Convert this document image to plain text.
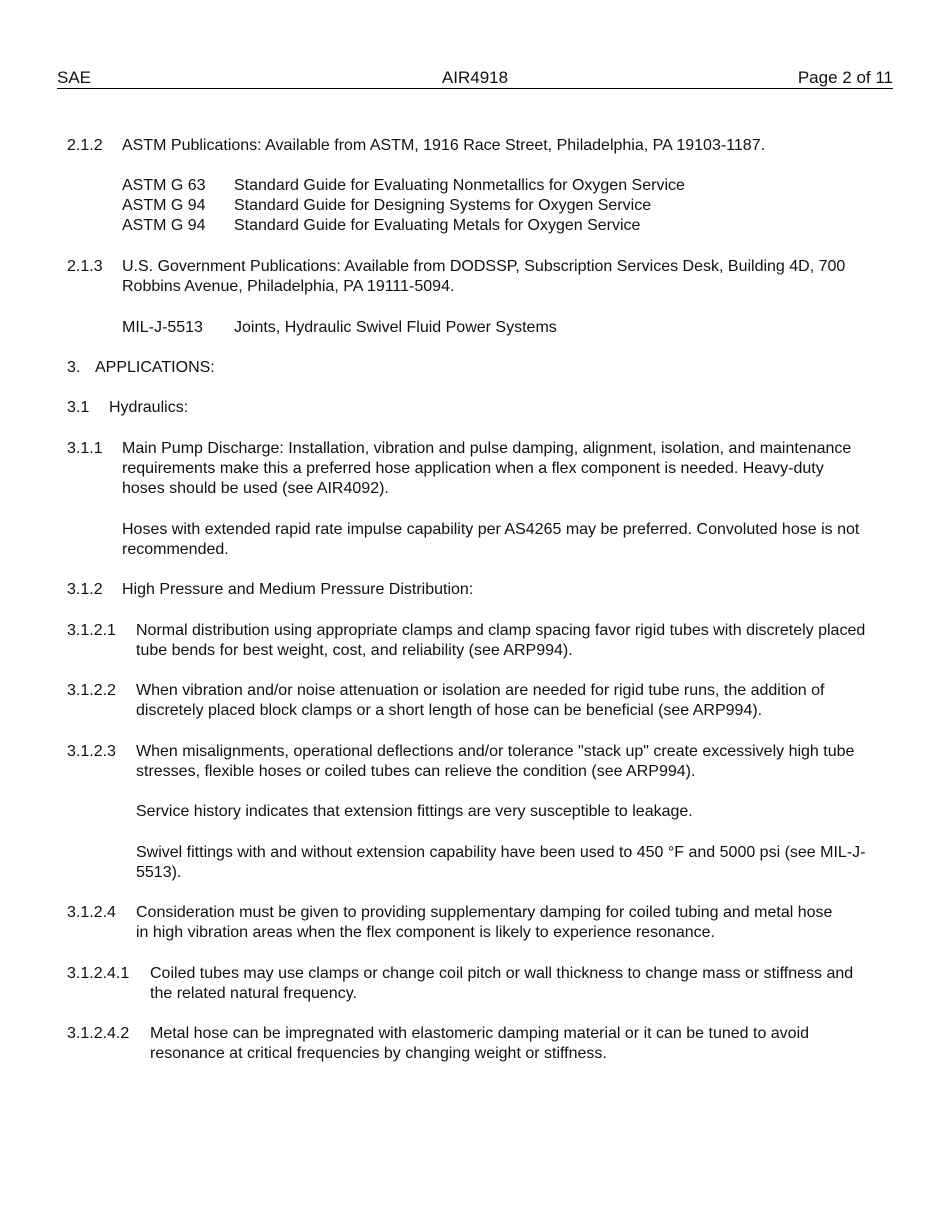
SAE	AIR4918	Page 2 of 11
2.1.2 ASTM Publications: Available from ASTM, 1916 Race Street, Philadelphia, PA 19103-1187.
ASTM G 63 Standard Guide for Evaluating Nonmetallics for Oxygen Service
ASTM G 94 Standard Guide for Designing Systems for Oxygen Service
ASTM G 94 Standard Guide for Evaluating Metals for Oxygen Service
2.1.3 U.S. Government Publications: Available from DODSSP, Subscription Services Desk, Building 4D, 700 Robbins Avenue, Philadelphia, PA 19111-5094.
MIL-J-5513 Joints, Hydraulic Swivel Fluid Power Systems
3. APPLICATIONS:
3.1 Hydraulics:
3.1.1 Main Pump Discharge: Installation, vibration and pulse damping, alignment, isolation, and maintenance requirements make this a preferred hose application when a flex component is needed. Heavy-duty hoses should be used (see AIR4092).
Hoses with extended rapid rate impulse capability per AS4265 may be preferred. Convoluted hose is not recommended.
3.1.2 High Pressure and Medium Pressure Distribution:
3.1.2.1 Normal distribution using appropriate clamps and clamp spacing favor rigid tubes with discretely placed tube bends for best weight, cost, and reliability (see ARP994).
3.1.2.2 When vibration and/or noise attenuation or isolation are needed for rigid tube runs, the addition of discretely placed block clamps or a short length of hose can be beneficial (see ARP994).
3.1.2.3 When misalignments, operational deflections and/or tolerance "stack up" create excessively high tube stresses, flexible hoses or coiled tubes can relieve the condition (see ARP994).
Service history indicates that extension fittings are very susceptible to leakage.
Swivel fittings with and without extension capability have been used to 450 °F and 5000 psi (see MIL-J-5513).
3.1.2.4 Consideration must be given to providing supplementary damping for coiled tubing and metal hose in high vibration areas when the flex component is likely to experience resonance.
3.1.2.4.1 Coiled tubes may use clamps or change coil pitch or wall thickness to change mass or stiffness and the related natural frequency.
3.1.2.4.2 Metal hose can be impregnated with elastomeric damping material or it can be tuned to avoid resonance at critical frequencies by changing weight or stiffness.
